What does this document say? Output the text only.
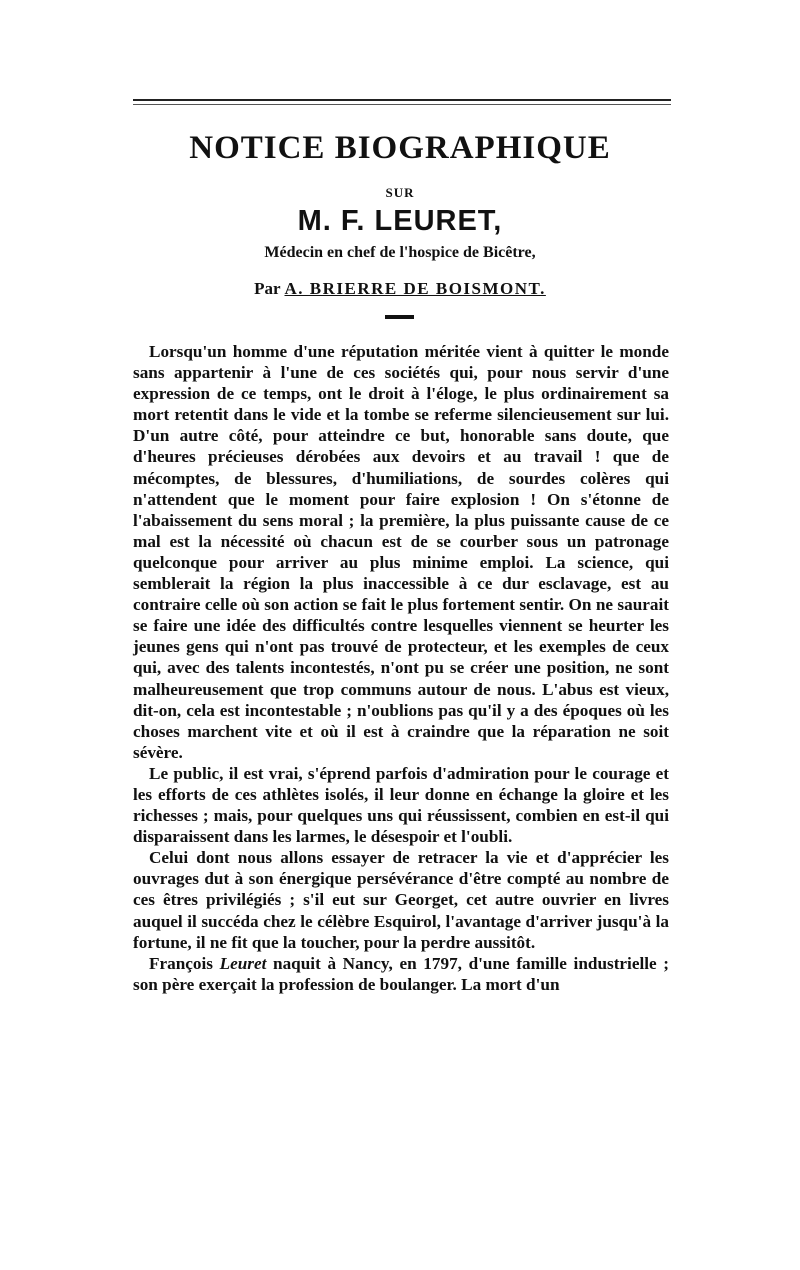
NOTICE BIOGRAPHIQUE
SUR
M. F. LEURET,
Médecin en chef de l'hospice de Bicêtre,
Par A. BRIERRE DE BOISMONT.

Lorsqu'un homme d'une réputation méritée vient à quitter le monde sans appartenir à l'une de ces sociétés qui, pour nous servir d'une expression de ce temps, ont le droit à l'éloge, le plus ordinairement sa mort retentit dans le vide et la tombe se referme silencieusement sur lui. D'un autre côté, pour atteindre ce but, honorable sans doute, que d'heures précieuses dérobées aux devoirs et au travail ! que de mécomptes, de blessures, d'humiliations, de sourdes colères qui n'attendent que le moment pour faire explosion ! On s'étonne de l'abaissement du sens moral ; la première, la plus puissante cause de ce mal est la nécessité où chacun est de se courber sous un patronage quelconque pour arriver au plus minime emploi. La science, qui semblerait la région la plus inaccessible à ce dur esclavage, est au contraire celle où son action se fait le plus fortement sentir. On ne saurait se faire une idée des difficultés contre lesquelles viennent se heurter les jeunes gens qui n'ont pas trouvé de protecteur, et les exemples de ceux qui, avec des talents incontestés, n'ont pu se créer une position, ne sont malheureusement que trop communs autour de nous. L'abus est vieux, dit-on, cela est incontestable ; n'oublions pas qu'il y a des époques où les choses marchent vite et où il est à craindre que la réparation ne soit sévère.

Le public, il est vrai, s'éprend parfois d'admiration pour le courage et les efforts de ces athlètes isolés, il leur donne en échange la gloire et les richesses ; mais, pour quelques uns qui réussissent, combien en est-il qui disparaissent dans les larmes, le désespoir et l'oubli.

Celui dont nous allons essayer de retracer la vie et d'apprécier les ouvrages dut à son énergique persévérance d'être compté au nombre de ces êtres privilégiés ; s'il eut sur Georget, cet autre ouvrier en livres auquel il succéda chez le célèbre Esquirol, l'avantage d'arriver jusqu'à la fortune, il ne fit que la toucher, pour la perdre aussitôt.

François Leuret naquit à Nancy, en 1797, d'une famille industrielle ; son père exerçait la profession de boulanger. La mort d'un
